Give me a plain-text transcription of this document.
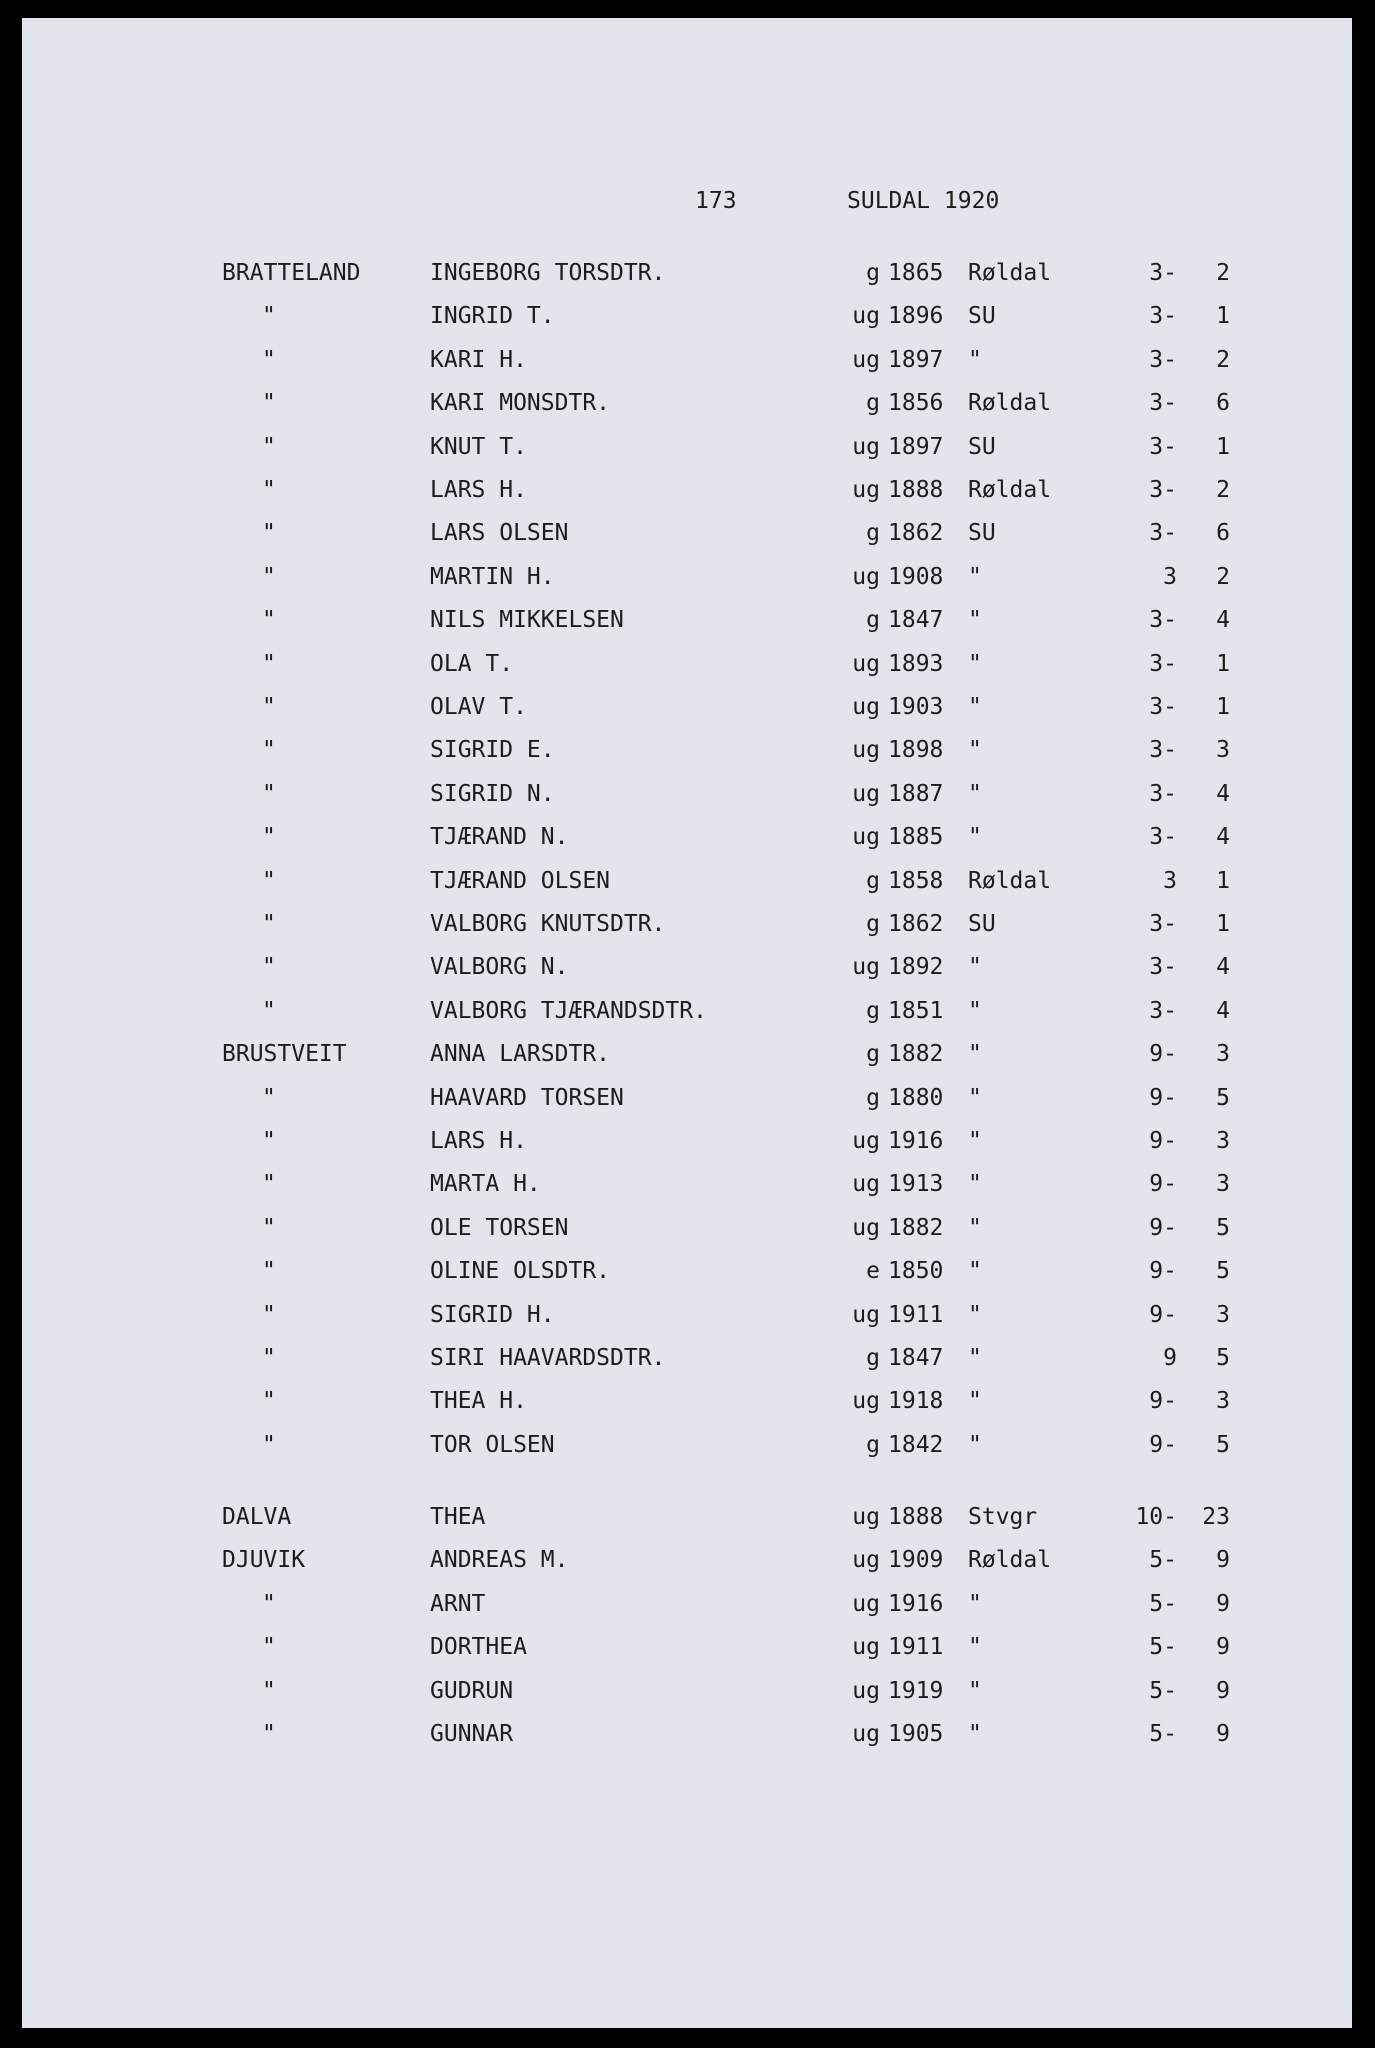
173	SULDAL 1920
BRATTELAND	INGEBORG TORSDTR.	g 1865 Røldal	3-	2
"	INGRID T.	ug 1896 SU	3-	1
"	KARI H.	ug 1897 "	3-	2
"	KARI MONSDTR.	g 1856 Røldal	3-	6
"	KNUT T.	ug 1897 SU	3-	1
"	LARS H.	ug 1888 Røldal	3-	2
"	LARS OLSEN	g 1862 SU	3-	6
"	MARTIN H.	ug 1908 "	3	2
"	NILS MIKKELSEN	g 1847 "	3-	4
"	OLA T.	ug 1893 "	3-	1
"	OLAV T.	ug 1903 "	3-	1
"	SIGRID E.	ug 1898 "	3-	3
"	SIGRID N.	ug 1887 "	3-	4
"	TJÆRAND N.	ug 1885 "	3-	4
"	TJÆRAND OLSEN	g 1858 Røldal	3	1
"	VALBORG KNUTSDTR.	g 1862 SU	3-	1
"	VALBORG N.	ug 1892 "	3-	4
"	VALBORG TJÆRANDSDTR.	g 1851 "	3-	4
BRUSTVEIT	ANNA LARSDTR.	g 1882 "	9-	3
"	HAAVARD TORSEN	g 1880 "	9-	5
"	LARS H.	ug 1916 "	9-	3
"	MARTA H.	ug 1913 "	9-	3
"	OLE TORSEN	ug 1882 "	9-	5
"	OLINE OLSDTR.	e 1850 "	9-	5
"	SIGRID H.	ug 1911 "	9-	3
"	SIRI HAAVARDSDTR.	g 1847 "	9	5
"	THEA H.	ug 1918 "	9-	3
"	TOR OLSEN	g 1842 "	9-	5
DALVA	THEA	ug 1888 Stvgr	10-	23
DJUVIK	ANDREAS M.	ug 1909 Røldal	5-	9
"	ARNT	ug 1916 "	5-	9
"	DORTHEA	ug 1911 "	5-	9
"	GUDRUN	ug 1919 "	5-	9
"	GUNNAR	ug 1905 "	5-	9
